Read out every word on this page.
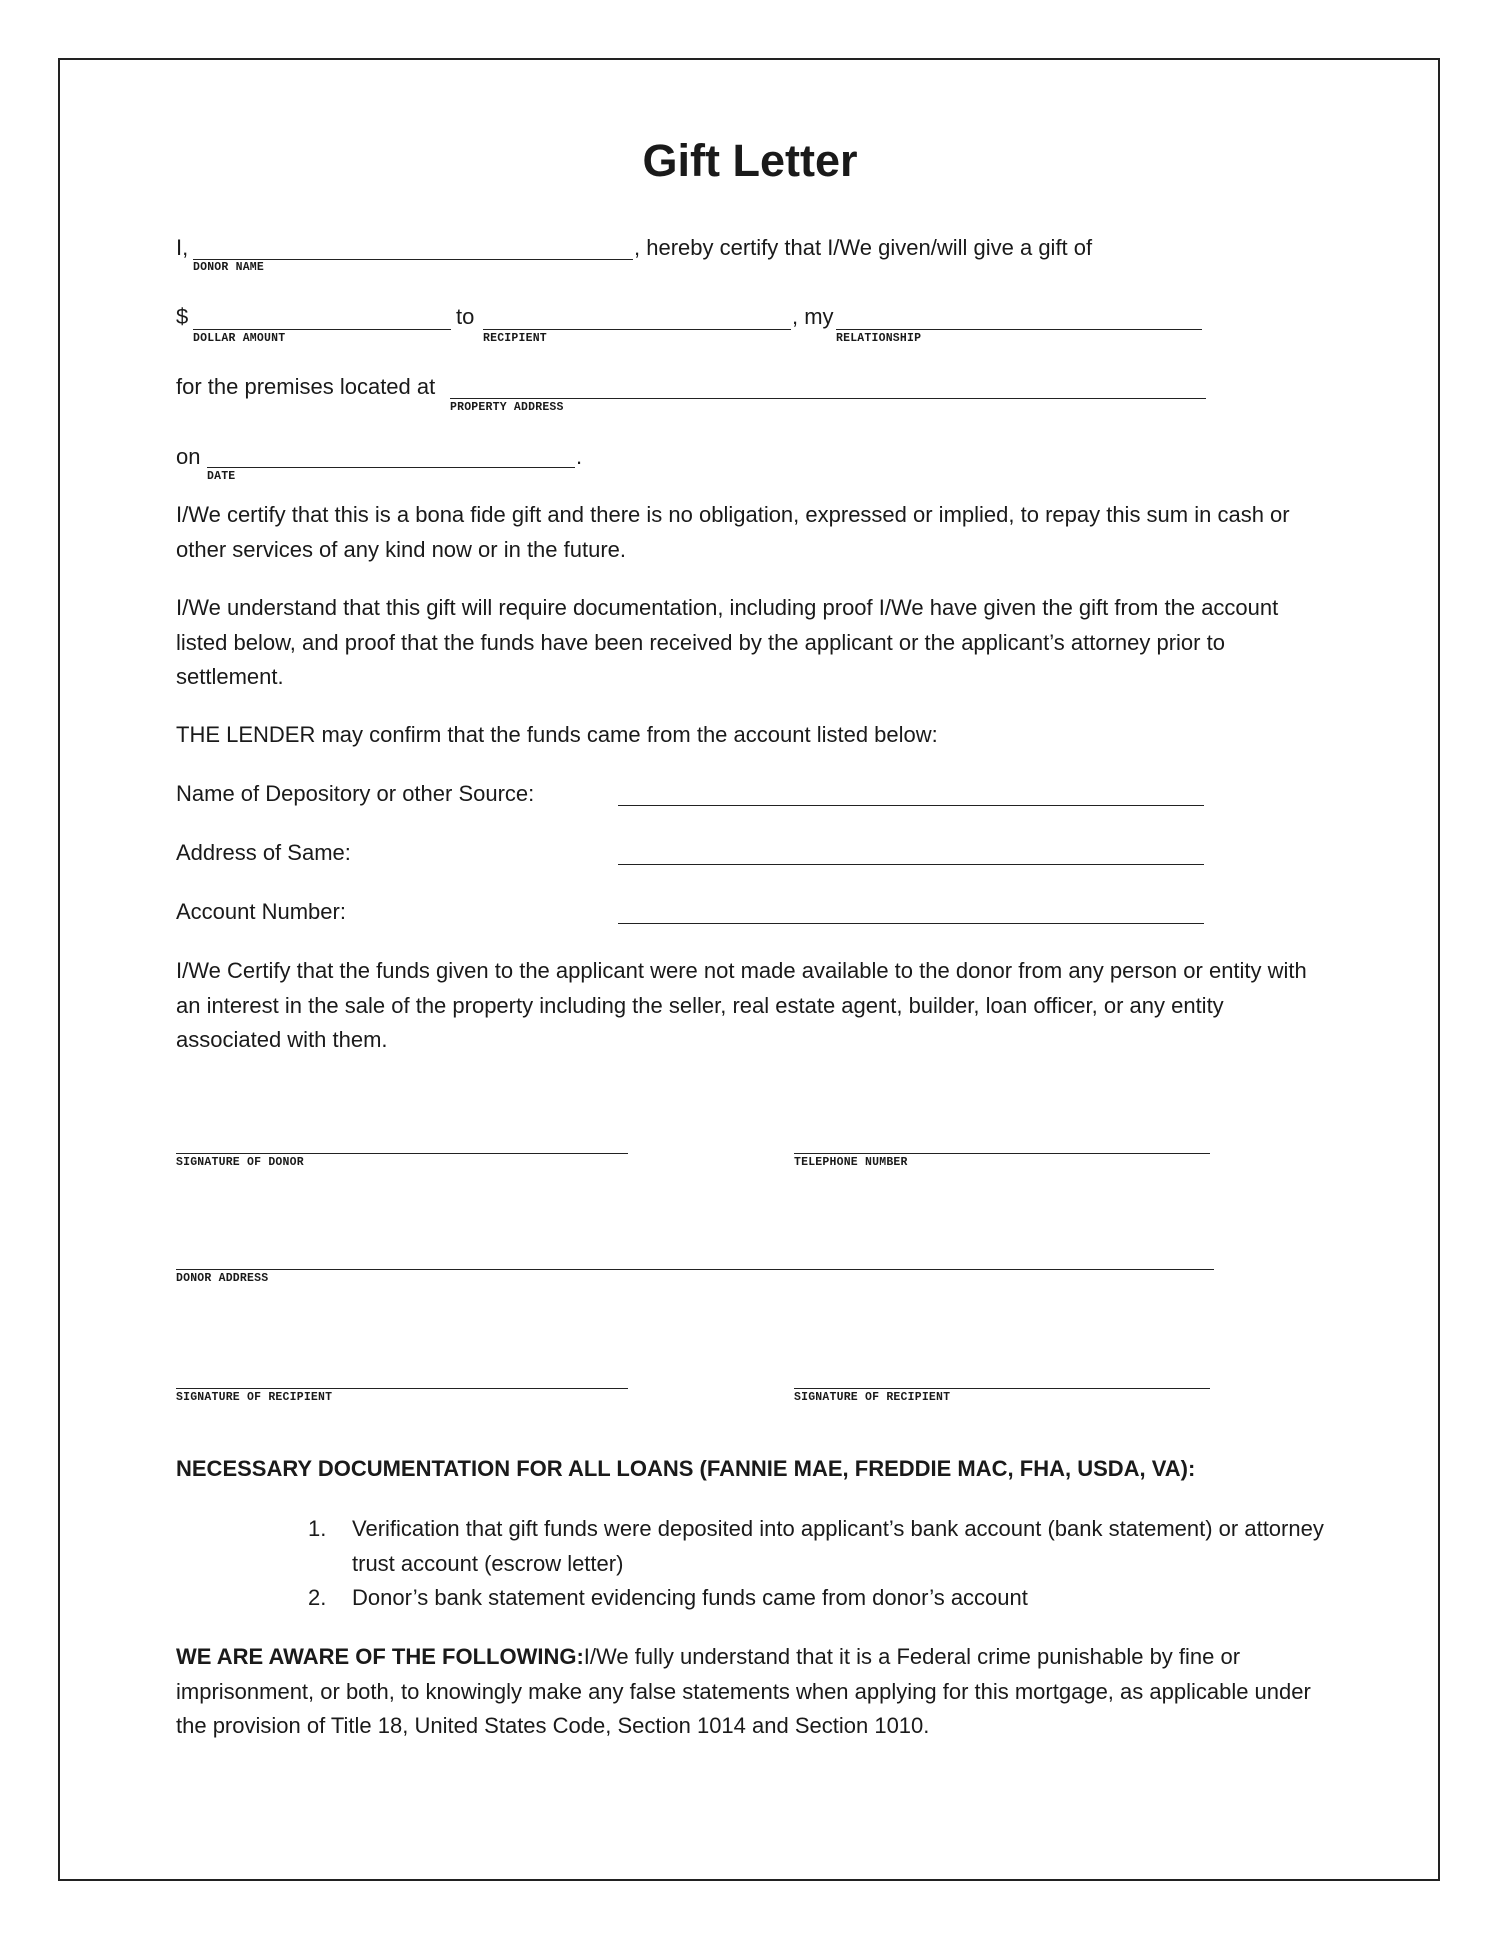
Gift Letter
I,
DONOR NAME
, hereby certify that I/We given/will give a gift of
$
DOLLAR AMOUNT
to
RECIPIENT
, my
RELATIONSHIP
for the premises located at
PROPERTY ADDRESS
on
DATE
.
I/We certify that this is a bona fide gift and there is no obligation, expressed or implied, to repay this sum in cash or other services of any kind now or in the future.
I/We understand that this gift will require documentation, including proof I/We have given the gift from the account listed below, and proof that the funds have been received by the applicant or the applicant’s attorney prior to settlement.
THE LENDER may confirm that the funds came from the account listed below:
Name of Depository or other Source:
Address of Same:
Account Number:
I/We Certify that the funds given to the applicant were not made available to the donor from any person or entity with an interest in the sale of the property including the seller, real estate agent, builder, loan officer, or any entity associated with them.
SIGNATURE OF DONOR	TELEPHONE NUMBER
DONOR ADDRESS
SIGNATURE OF RECIPIENT	SIGNATURE OF RECIPIENT
NECESSARY DOCUMENTATION FOR ALL LOANS (FANNIE MAE, FREDDIE MAC, FHA, USDA, VA):
1. Verification that gift funds were deposited into applicant’s bank account (bank statement) or attorney trust account (escrow letter)
2. Donor’s bank statement evidencing funds came from donor’s account
WE ARE AWARE OF THE FOLLOWING:I/We fully understand that it is a Federal crime punishable by fine or imprisonment, or both, to knowingly make any false statements when applying for this mortgage, as applicable under the provision of Title 18, United States Code, Section 1014 and Section 1010.
